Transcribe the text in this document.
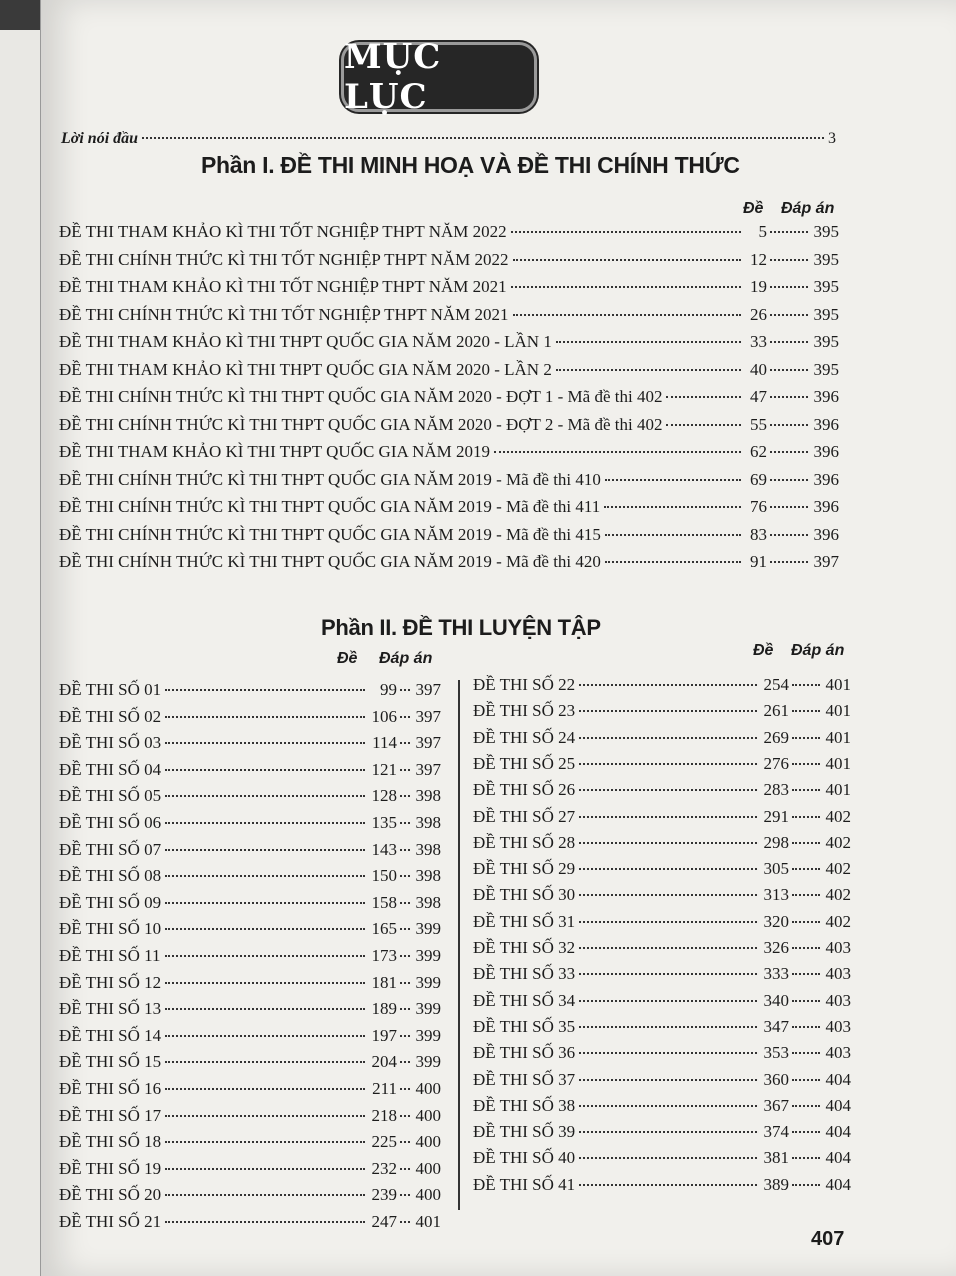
MỤC LỤC
Lời nói đầu	3
Phần I. ĐỀ THI MINH HOẠ VÀ ĐỀ THI CHÍNH THỨC
Đề Đáp án
ĐỀ THI THAM KHẢO KÌ THI TỐT NGHIỆP THPT NĂM 2022	5	395
ĐỀ THI CHÍNH THỨC KÌ THI TỐT NGHIỆP THPT NĂM 2022	12	395
ĐỀ THI THAM KHẢO KÌ THI TỐT NGHIỆP THPT NĂM 2021	19	395
ĐỀ THI CHÍNH THỨC KÌ THI TỐT NGHIỆP THPT NĂM 2021	26	395
ĐỀ THI THAM KHẢO KÌ THI THPT QUỐC GIA NĂM 2020 - LẦN 1	33	395
ĐỀ THI THAM KHẢO KÌ THI THPT QUỐC GIA NĂM 2020 - LẦN 2	40	395
ĐỀ THI CHÍNH THỨC KÌ THI THPT QUỐC GIA NĂM 2020 - ĐỢT 1 - Mã đề thi 402	47	396
ĐỀ THI CHÍNH THỨC KÌ THI THPT QUỐC GIA NĂM 2020 - ĐỢT 2 - Mã đề thi 402	55	396
ĐỀ THI THAM KHẢO KÌ THI THPT QUỐC GIA NĂM 2019	62	396
ĐỀ THI CHÍNH THỨC KÌ THI THPT QUỐC GIA NĂM 2019 - Mã đề thi 410	69	396
ĐỀ THI CHÍNH THỨC KÌ THI THPT QUỐC GIA NĂM 2019 - Mã đề thi 411	76	396
ĐỀ THI CHÍNH THỨC KÌ THI THPT QUỐC GIA NĂM 2019 - Mã đề thi 415	83	396
ĐỀ THI CHÍNH THỨC KÌ THI THPT QUỐC GIA NĂM 2019 - Mã đề thi 420	91	397
Phần II. ĐỀ THI LUYỆN TẬP
Đề Đáp án	Đề Đáp án
ĐỀ THI SỐ 01	99 397
ĐỀ THI SỐ 02	106 397
ĐỀ THI SỐ 03	114 397
ĐỀ THI SỐ 04	121 397
ĐỀ THI SỐ 05	128 398
ĐỀ THI SỐ 06	135 398
ĐỀ THI SỐ 07	143 398
ĐỀ THI SỐ 08	150 398
ĐỀ THI SỐ 09	158 398
ĐỀ THI SỐ 10	165 399
ĐỀ THI SỐ 11	173 399
ĐỀ THI SỐ 12	181 399
ĐỀ THI SỐ 13	189 399
ĐỀ THI SỐ 14	197 399
ĐỀ THI SỐ 15	204 399
ĐỀ THI SỐ 16	211 400
ĐỀ THI SỐ 17	218 400
ĐỀ THI SỐ 18	225 400
ĐỀ THI SỐ 19	232 400
ĐỀ THI SỐ 20	239 400
ĐỀ THI SỐ 21	247 401
ĐỀ THI SỐ 22	254 401
ĐỀ THI SỐ 23	261 401
ĐỀ THI SỐ 24	269 401
ĐỀ THI SỐ 25	276 401
ĐỀ THI SỐ 26	283 401
ĐỀ THI SỐ 27	291 402
ĐỀ THI SỐ 28	298 402
ĐỀ THI SỐ 29	305 402
ĐỀ THI SỐ 30	313 402
ĐỀ THI SỐ 31	320 402
ĐỀ THI SỐ 32	326 403
ĐỀ THI SỐ 33	333 403
ĐỀ THI SỐ 34	340 403
ĐỀ THI SỐ 35	347 403
ĐỀ THI SỐ 36	353 403
ĐỀ THI SỐ 37	360 404
ĐỀ THI SỐ 38	367 404
ĐỀ THI SỐ 39	374 404
ĐỀ THI SỐ 40	381 404
ĐỀ THI SỐ 41	389 404
407
